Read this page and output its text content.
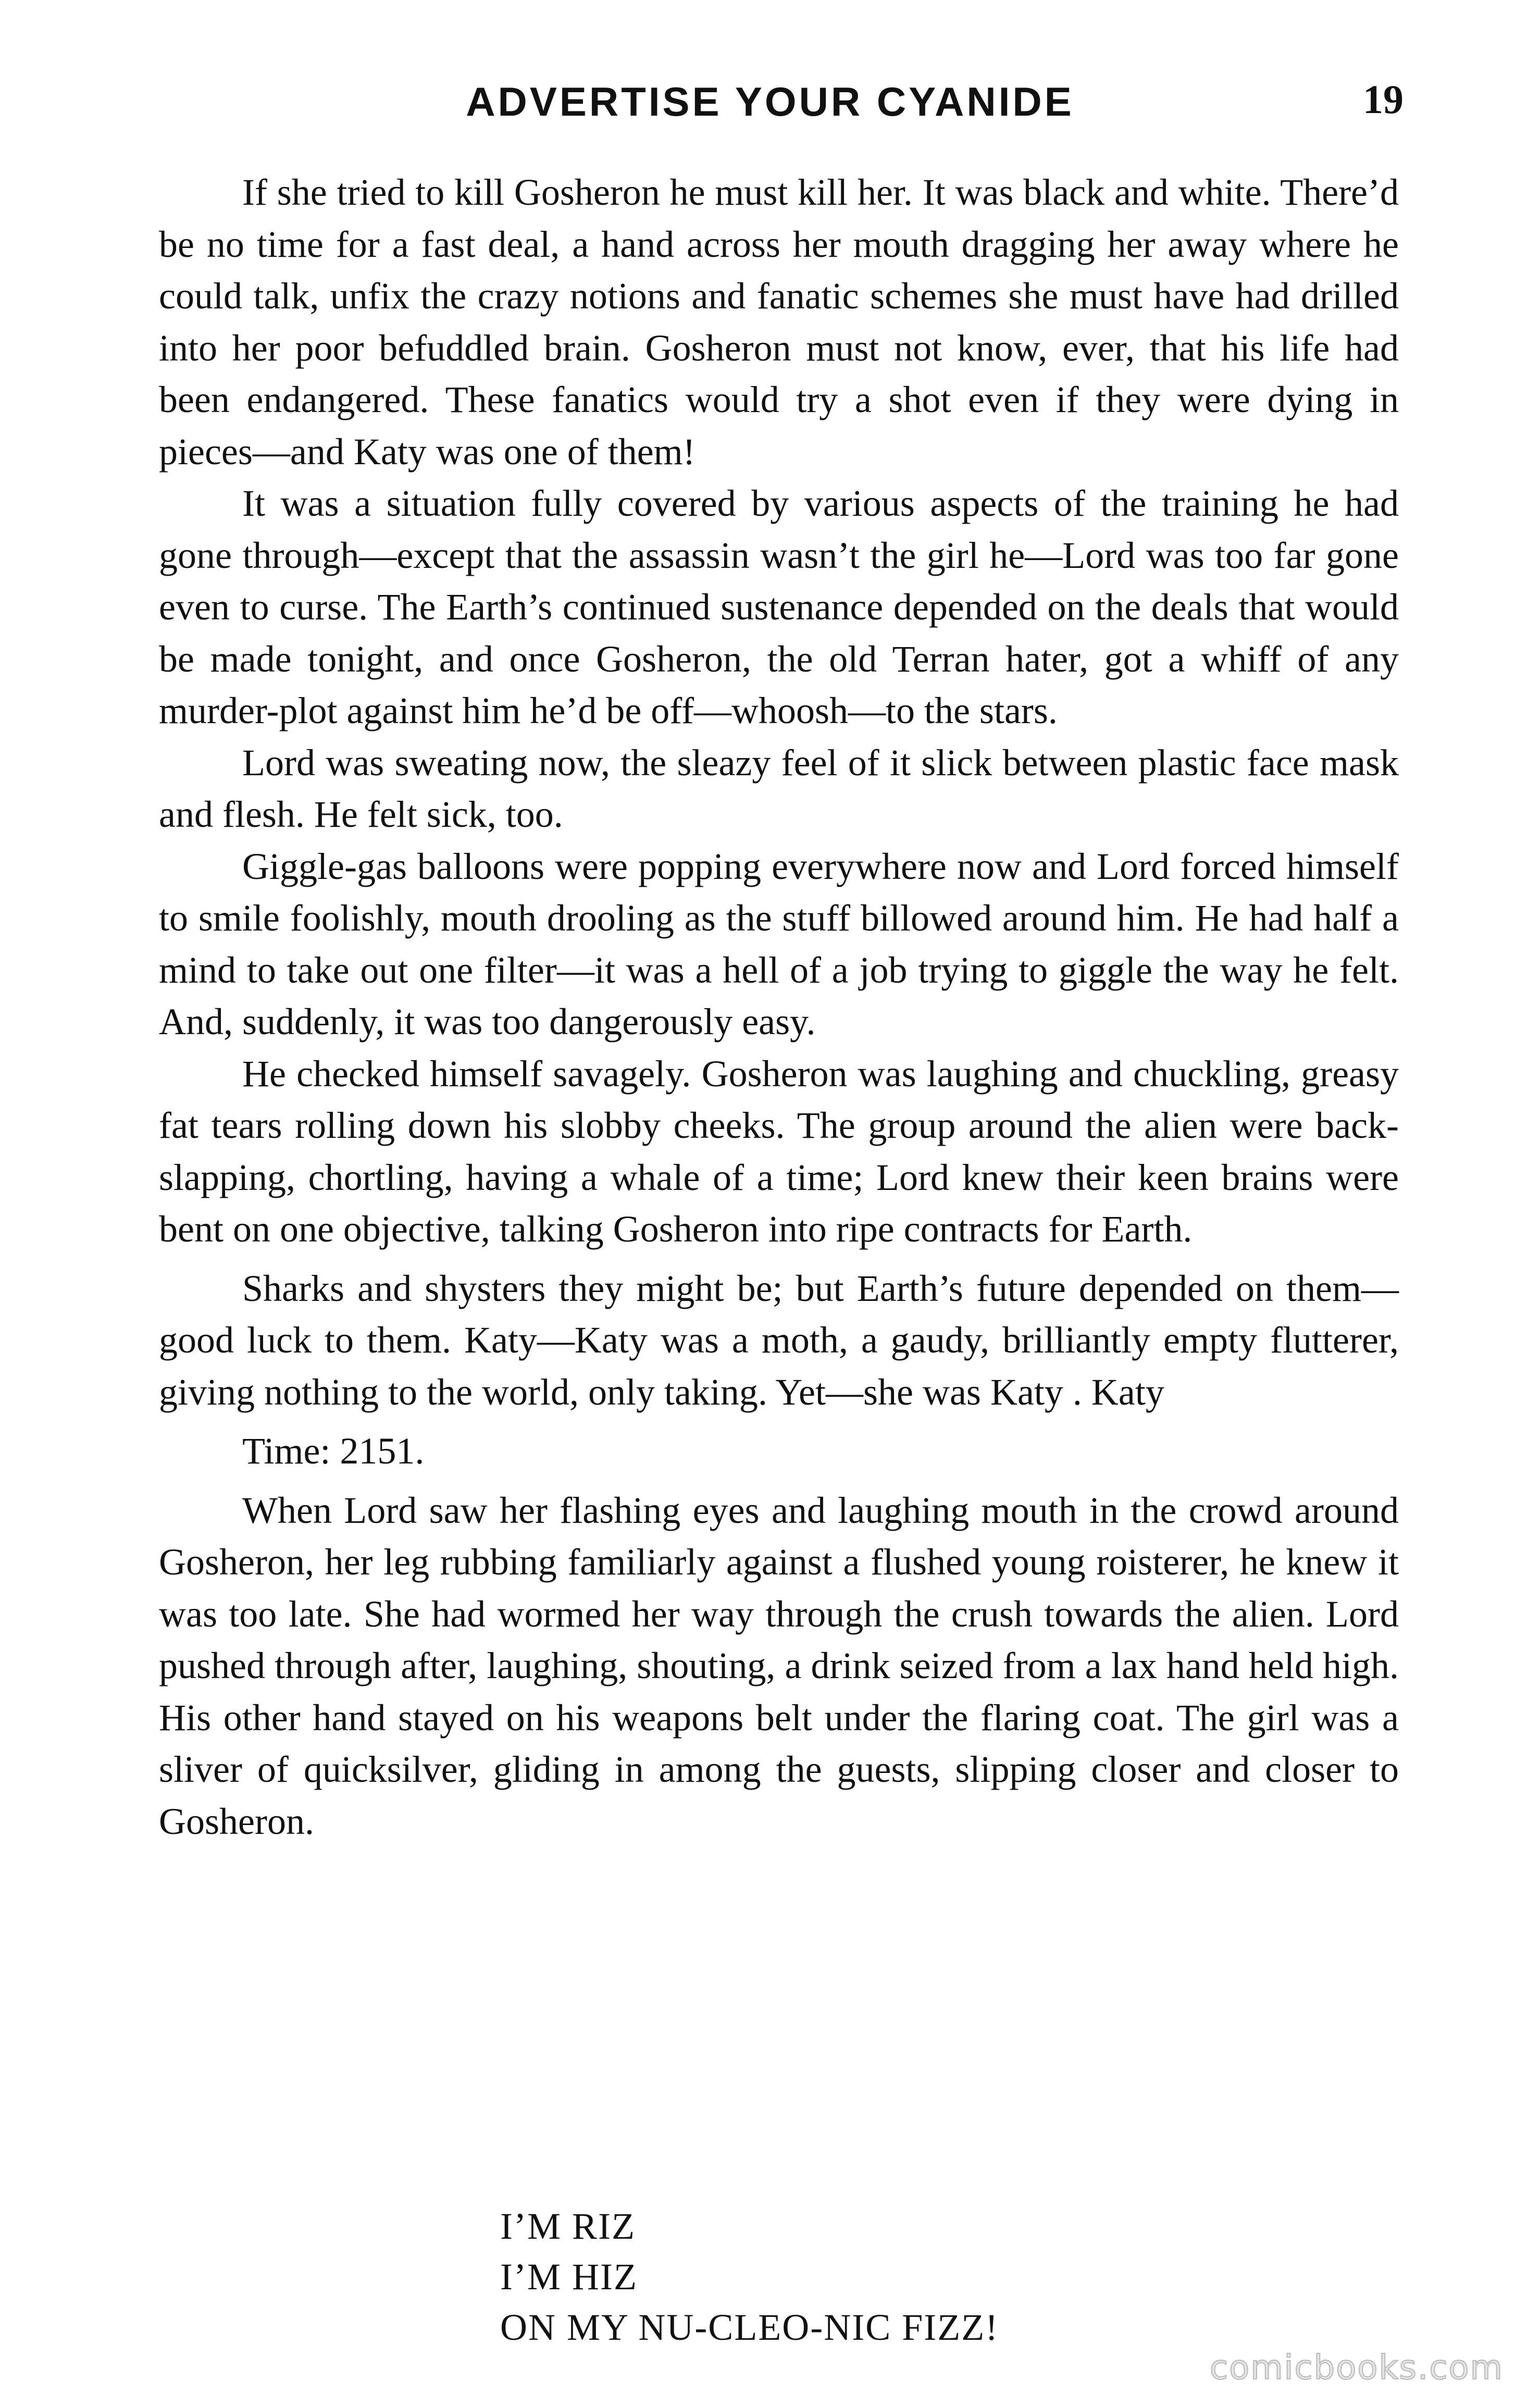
ADVERTISE YOUR CYANIDE	19

If she tried to kill Gosheron he must kill her. It was black and white. There’d be no time for a fast deal, a hand across her mouth dragging her away where he could talk, unfix the crazy notions and fanatic schemes she must have had drilled into her poor befuddled brain. Gosheron must not know, ever, that his life had been endangered. These fanatics would try a shot even if they were dying in pieces—and Katy was one of them!

It was a situation fully covered by various aspects of the training he had gone through—except that the assassin wasn’t the girl he—Lord was too far gone even to curse. The Earth’s continued sustenance depended on the deals that would be made tonight, and once Gosheron, the old Terran hater, got a whiff of any murder-plot against him he’d be off—whoosh—to the stars.

Lord was sweating now, the sleazy feel of it slick between plastic face mask and flesh. He felt sick, too.

Giggle-gas balloons were popping everywhere now and Lord forced himself to smile foolishly, mouth drooling as the stuff billowed around him. He had half a mind to take out one filter—it was a hell of a job trying to giggle the way he felt. And, suddenly, it was too dangerously easy.

He checked himself savagely. Gosheron was laughing and chuckling, greasy fat tears rolling down his slobby cheeks. The group around the alien were back-slapping, chortling, having a whale of a time; Lord knew their keen brains were bent on one objective, talking Gosheron into ripe contracts for Earth.

Sharks and shysters they might be; but Earth’s future depended on them—good luck to them. Katy—Katy was a moth, a gaudy, brilliantly empty flutterer, giving nothing to the world, only taking. Yet—she was Katy . Katy

Time: 2151.

When Lord saw her flashing eyes and laughing mouth in the crowd around Gosheron, her leg rubbing familiarly against a flushed young roisterer, he knew it was too late. She had wormed her way through the crush towards the alien. Lord pushed through after, laughing, shouting, a drink seized from a lax hand held high. His other hand stayed on his weapons belt under the flaring coat. The girl was a sliver of quicksilver, gliding in among the guests, slipping closer and closer to Gosheron.

I’M RIZ
I’M HIZ
ON MY NU-CLEO-NIC FIZZ!
comicbooks.com
